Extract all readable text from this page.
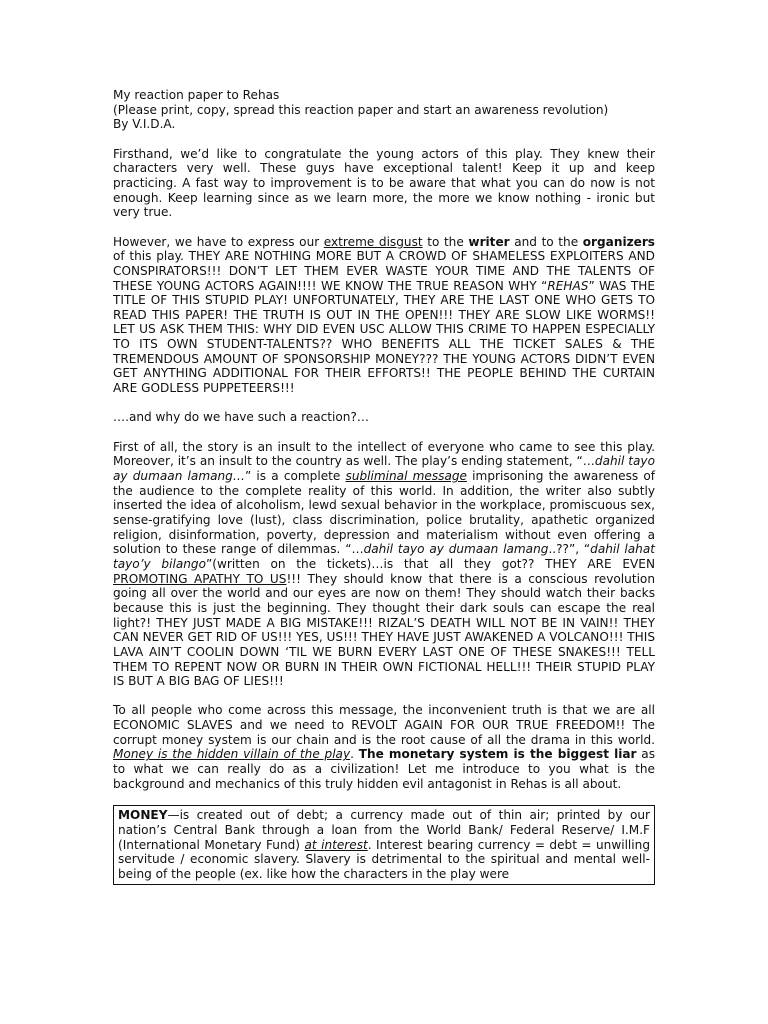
My reaction paper to Rehas

(Please print, copy, spread this reaction paper and start an awareness revolution)

By V.I.D.A.

Firsthand, we’d like to congratulate the young actors of this play. They knew their characters very well. These guys have exceptional talent! Keep it up and keep practicing. A fast way to improvement is to be aware that what you can do now is not enough. Keep learning since as we learn more, the more we know nothing - ironic but very true.

However, we have to express our extreme disgust to the writer and to the organizers of this play. THEY ARE NOTHING MORE BUT A CROWD OF SHAMELESS EXPLOITERS AND CONSPIRATORS!!! DON’T LET THEM EVER WASTE YOUR TIME AND THE TALENTS OF THESE YOUNG ACTORS AGAIN!!!! WE KNOW THE TRUE REASON WHY “REHAS” WAS THE TITLE OF THIS STUPID PLAY! UNFORTUNATELY, THEY ARE THE LAST ONE WHO GETS TO READ THIS PAPER! THE TRUTH IS OUT IN THE OPEN!!! THEY ARE SLOW LIKE WORMS!! LET US ASK THEM THIS: WHY DID EVEN USC ALLOW THIS CRIME TO HAPPEN ESPECIALLY TO ITS OWN STUDENT-TALENTS?? WHO BENEFITS ALL THE TICKET SALES & THE TREMENDOUS AMOUNT OF SPONSORSHIP MONEY??? THE YOUNG ACTORS DIDN’T EVEN GET ANYTHING ADDITIONAL FOR THEIR EFFORTS!! THE PEOPLE BEHIND THE CURTAIN ARE GODLESS PUPPETEERS!!!

….and why do we have such a reaction?…

First of all, the story is an insult to the intellect of everyone who came to see this play. Moreover, it’s an insult to the country as well. The play’s ending statement, “…dahil tayo ay dumaan lamang…” is a complete subliminal message imprisoning the awareness of the audience to the complete reality of this world. In addition, the writer also subtly inserted the idea of alcoholism, lewd sexual behavior in the workplace, promiscuous sex, sense-gratifying love (lust), class discrimination, police brutality, apathetic organized religion, disinformation, poverty, depression and materialism without even offering a solution to these range of dilemmas. “…dahil tayo ay dumaan lamang..??”, “dahil lahat tayo’y bilango”(written on the tickets)…is that all they got?? THEY ARE EVEN PROMOTING APATHY TO US!!! They should know that there is a conscious revolution going all over the world and our eyes are now on them! They should watch their backs because this is just the beginning. They thought their dark souls can escape the real light?! THEY JUST MADE A BIG MISTAKE!!! RIZAL’S DEATH WILL NOT BE IN VAIN!! THEY CAN NEVER GET RID OF US!!! YES, US!!! THEY HAVE JUST AWAKENED A VOLCANO!!! THIS LAVA AIN’T COOLIN DOWN ‘TIL WE BURN EVERY LAST ONE OF THESE SNAKES!!! TELL THEM TO REPENT NOW OR BURN IN THEIR OWN FICTIONAL HELL!!! THEIR STUPID PLAY IS BUT A BIG BAG OF LIES!!!

To all people who come across this message, the inconvenient truth is that we are all ECONOMIC SLAVES and we need to REVOLT AGAIN FOR OUR TRUE FREEDOM!! The corrupt money system is our chain and is the root cause of all the drama in this world. Money is the hidden villain of the play. The monetary system is the biggest liar as to what we can really do as a civilization! Let me introduce to you what is the background and mechanics of this truly hidden evil antagonist in Rehas is all about.

MONEY—is created out of debt; a currency made out of thin air; printed by our nation’s Central Bank through a loan from the World Bank/ Federal Reserve/ I.M.F (International Monetary Fund) at interest. Interest bearing currency = debt = unwilling servitude / economic slavery. Slavery is detrimental to the spiritual and mental well-being of the people (ex. like how the characters in the play were
